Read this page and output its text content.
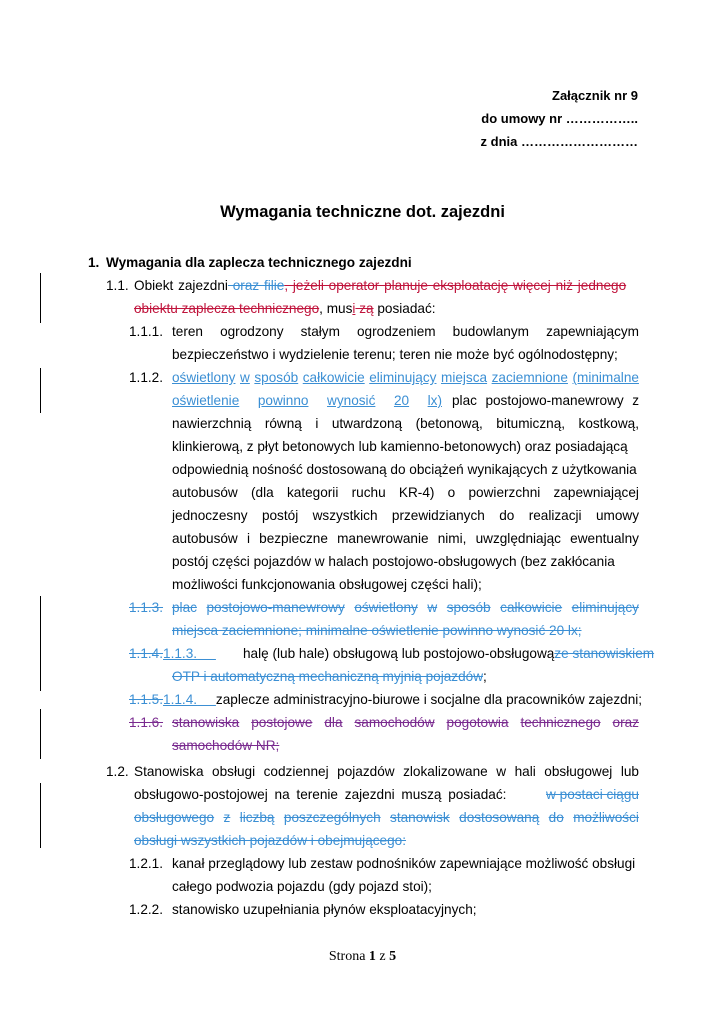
Załącznik nr 9
do umowy nr ……………..
z dnia ………………………
Wymagania techniczne dot. zajezdni
1. Wymagania dla zaplecza technicznego zajezdni
1.1. Obiekt zajezdni oraz filie, jeżeli operator planuje eksploatację więcej niż jednego
obiektu zaplecza technicznego, musi zą posiadać:
1.1.1. teren ogrodzony stałym ogrodzeniem budowlanym zapewniającym
bezpieczeństwo i wydzielenie terenu; teren nie może być ogólnodostępny;
1.1.2. oświetlony w sposób całkowicie eliminujący miejsca zaciemnione (minimalne
oświetlenie powinno wynosić 20 lx) plac postojowo-manewrowy z
nawierzchnią równą i utwardzoną (betonową, bitumiczną, kostkową,
klinkierową, z płyt betonowych lub kamienno-betonowych) oraz posiadającą
odpowiednią nośność dostosowaną do obciążeń wynikających z użytkowania
autobusów (dla kategorii ruchu KR-4) o powierzchni zapewniającej
jednoczesny postój wszystkich przewidzianych do realizacji umowy
autobusów i bezpieczne manewrowanie nimi, uwzględniając ewentualny
postój części pojazdów w halach postojowo-obsługowych (bez zakłócania
możliwości funkcjonowania obsługowej części hali);
1.1.3. plac postojowo-manewrowy oświetlony w sposób całkowicie eliminujący
miejsca zaciemnione; minimalne oświetlenie powinno wynosić 20 lx;
1.1.4.1.1.3.	halę (lub hale) obsługową lub postojowo-obsługową ze stanowiskiem
OTP i automatyczną mechaniczną myjnią pojazdów;
1.1.5.1.1.4. zaplecze administracyjno-biurowe i socjalne dla pracowników zajezdni;
1.1.6. stanowiska postojowe dla samochodów pogotowia technicznego oraz
samochodów NR;
1.2. Stanowiska obsługi codziennej pojazdów zlokalizowane w hali obsługowej lub
obsługowo-postojowej na terenie zajezdni muszą posiadać:	w postaci ciągu
obsługowego z liczbą poszczególnych stanowisk dostosowaną do możliwości
obsługi wszystkich pojazdów i obejmującego:
1.2.1. kanał przeglądowy lub zestaw podnośników zapewniające możliwość obsługi
całego podwozia pojazdu (gdy pojazd stoi);
1.2.2. stanowisko uzupełniania płynów eksploatacyjnych;
Strona 1 z 5
